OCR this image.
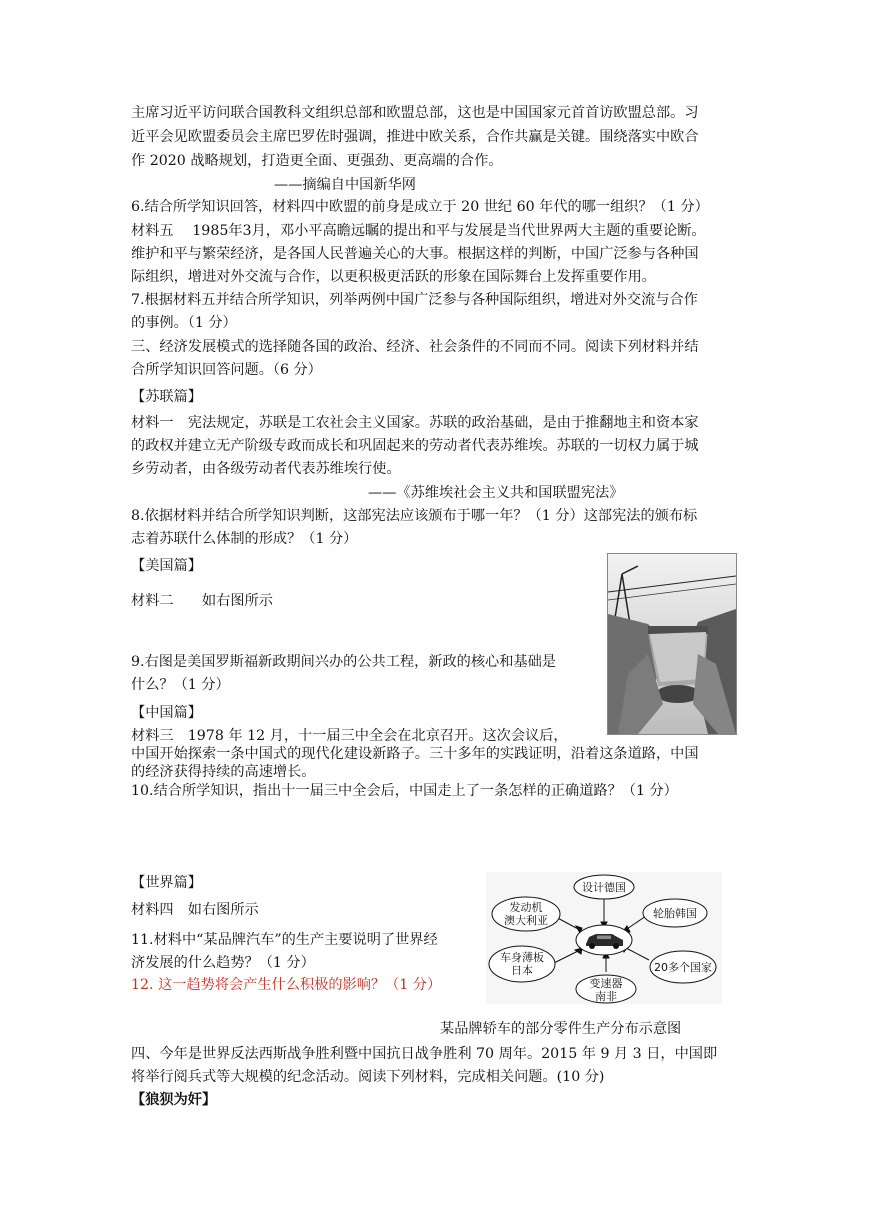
主席习近平访问联合国教科文组织总部和欧盟总部，这也是中国国家元首首访欧盟总部。习
近平会见欧盟委员会主席巴罗佐时强调，推进中欧关系，合作共赢是关键。围绕落实中欧合
作 2020 战略规划，打造更全面、更强劲、更高端的合作。
——摘编自中国新华网
6.结合所学知识回答，材料四中欧盟的前身是成立于 20 世纪 60 年代的哪一组织？（1 分）
材料五　 1985年3月，邓小平高瞻远瞩的提出和平与发展是当代世界两大主题的重要论断。
维护和平与繁荣经济，是各国人民普遍关心的大事。根据这样的判断，中国广泛参与各种国
际组织，增进对外交流与合作，以更积极更活跃的形象在国际舞台上发挥重要作用。
7.根据材料五并结合所学知识，列举两例中国广泛参与各种国际组织，增进对外交流与合作
的事例。（1 分）
三、经济发展模式的选择随各国的政治、经济、社会条件的不同而不同。阅读下列材料并结
合所学知识回答问题。（6 分）
【苏联篇】
材料一　宪法规定，苏联是工农社会主义国家。苏联的政治基础，是由于推翻地主和资本家
的政权并建立无产阶级专政而成长和巩固起来的劳动者代表苏维埃。苏联的一切权力属于城
乡劳动者，由各级劳动者代表苏维埃行使。
——《苏维埃社会主义共和国联盟宪法》
8.依据材料并结合所学知识判断，这部宪法应该颁布于哪一年？（1 分）这部宪法的颁布标
志着苏联什么体制的形成？（1 分）
【美国篇】
材料二　　如右图所示
9.右图是美国罗斯福新政期间兴办的公共工程，新政的核心和基础是
什么？（1 分）
【中国篇】
材料三　1978 年 12 月，十一届三中全会在北京召开。这次会议后，
中国开始探索一条中国式的现代化建设新路子。三十多年的实践证明，沿着这条道路，中国
的经济获得持续的高速增长。
10.结合所学知识，指出十一届三中全会后，中国走上了一条怎样的正确道路？（1 分）
【世界篇】
材料四　如右图所示
11.材料中“某品牌汽车”的生产主要说明了世界经
济发展的什么趋势？（1 分）
12. 这一趋势将会产生什么积极的影响？（1 分）
某品牌轿车的部分零件生产分布示意图
四、今年是世界反法西斯战争胜利暨中国抗日战争胜利 70 周年。2015 年 9 月 3 日，中国即
将举行阅兵式等大规模的纪念活动。阅读下列材料，完成相关问题。(10 分)
【狼狈为奸】
设计德国
发动机
澳大利亚
轮胎韩国
车身薄板
日本	20多个国家
变速器
南非
